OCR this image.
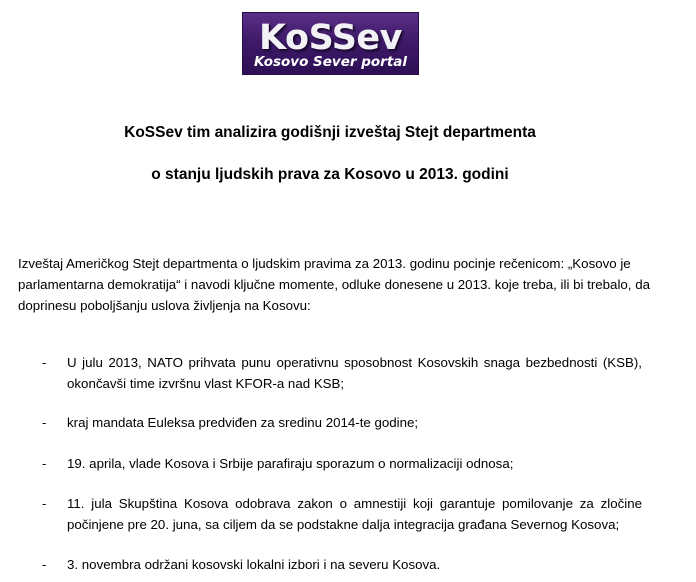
KoSSev
Kosovo Sever portal
KoSSev tim analizira godišnji izveštaj Stejt departmenta
o stanju ljudskih prava za Kosovo u 2013. godini

Izveštaj Američkog Stejt departmenta o ljudskim pravima za 2013. godinu pocinje rečenicom: „Kosovo je parlamentarna demokratija“ i navodi ključne momente, odluke donesene u 2013. koje treba, ili bi trebalo, da doprinesu poboljšanju uslova življenja na Kosovu:

- U julu 2013, NATO prihvata punu operativnu sposobnost Kosovskih snaga bezbednosti (KSB), okončavši time izvršnu vlast KFOR-a nad KSB;
- kraj mandata Euleksa predviđen za sredinu 2014-te godine;
- 19. aprila, vlade Kosova i Srbije parafiraju sporazum o normalizaciji odnosa;
- 11. jula Skupština Kosova odobrava zakon o amnestiji koji garantuje pomilovanje za zločine počinjene pre 20. juna, sa ciljem da se podstakne dalja integracija građana Severnog Kosova;
- 3. novembra održani kosovski lokalni izbori i na severu Kosova.
